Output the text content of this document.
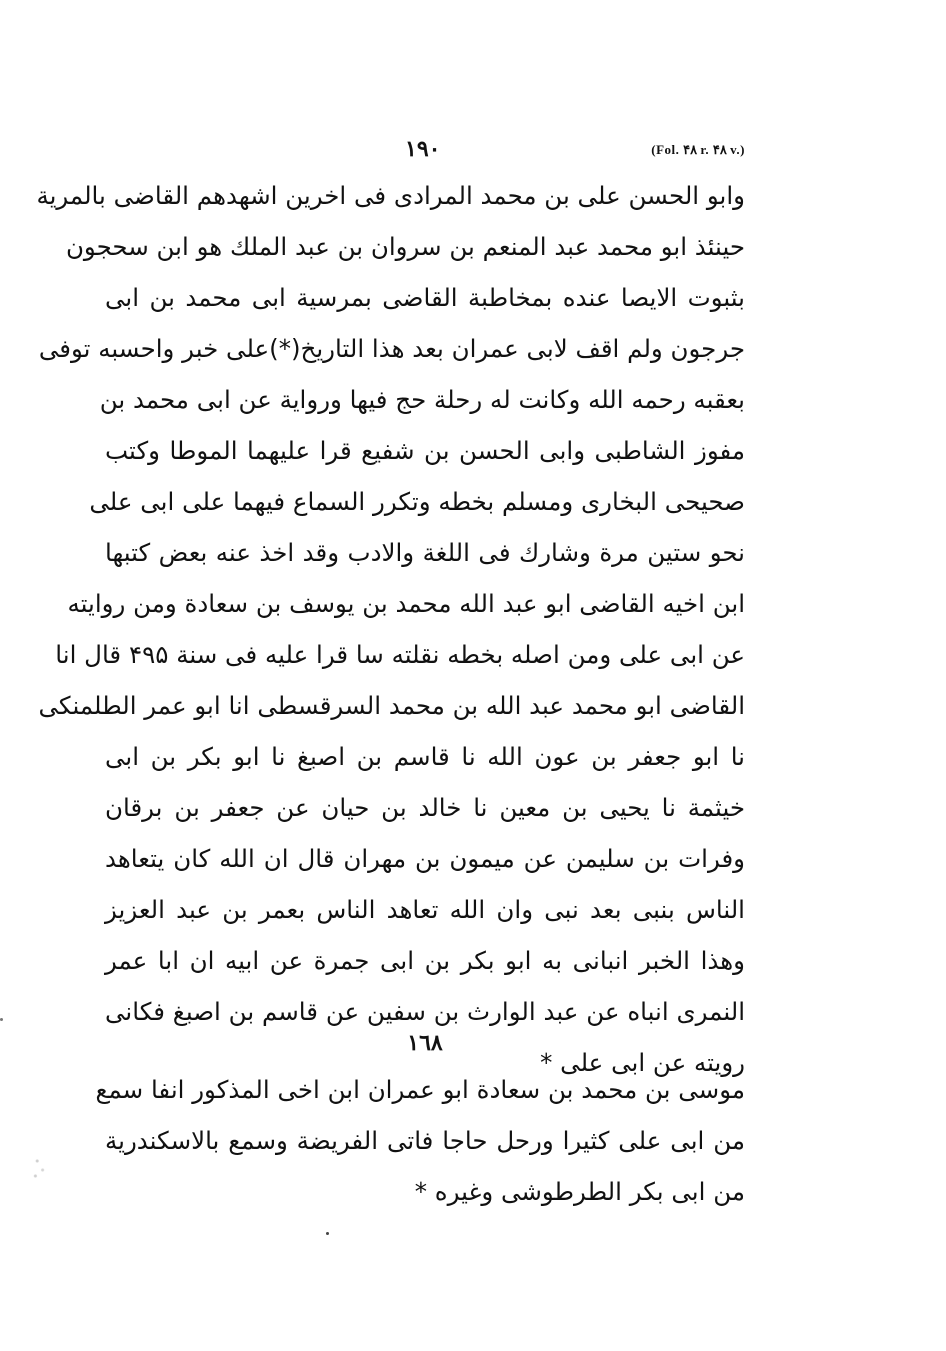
١٩٠	(Fol. ۴۸ r. ۴۸ v.)
وابو الحسن على بن محمد المرادى فى اخرين اشهدهم القاضى بالمرية
حينئذ ابو محمد عبد المنعم بن سروان بن عبد الملك هو ابن سحجون
بثبوت الايصا عنده بمخاطبة القاضى بمرسية ابى محمد بن ابى
جرجون ولم اقف لابى عمران بعد هذا التاريخ(*)على خبر واحسبه توفى
بعقبه رحمه الله وكانت له رحلة حج فيها ورواية عن ابى محمد بن
مفوز الشاطبى وابى الحسن بن شفيع قرا عليهما الموطا وكتب
صحيحى البخارى ومسلم بخطه وتكرر السماع فيهما على ابى على
نحو ستين مرة وشارك فى اللغة والادب وقد اخذ عنه بعض كتبها
ابن اخيه القاضى ابو عبد الله محمد بن يوسف بن سعادة ومن روايته
عن ابى على ومن اصله بخطه نقلته سا قرا عليه فى سنة ۴۹۵ قال انا
القاضى ابو محمد عبد الله بن محمد السرقسطى انا ابو عمر الطلمنكى
نا ابو جعفر بن عون الله نا قاسم بن اصبغ نا ابو بكر بن ابى
خيثمة نا يحيى بن معين نا خالد بن حيان عن جعفر بن برقان
وفرات بن سليمن عن ميمون بن مهران قال ان الله كان يتعاهد
الناس بنبى بعد نبى وان الله تعاهد الناس بعمر بن عبد العزيز
وهذا الخبر انبانى به ابو بكر بن ابى جمرة عن ابيه ان ابا عمر
النمرى انباه عن عبد الوارث بن سفين عن قاسم بن اصبغ فكانى
رويته عن ابى على *
١٦٨
موسى بن محمد بن سعادة ابو عمران ابن اخى المذكور انفا سمع
من ابى على كثيرا ورحل حاجا فاتى الفريضة وسمع بالاسكندرية
من ابى بكر الطرطوشى وغيره *
